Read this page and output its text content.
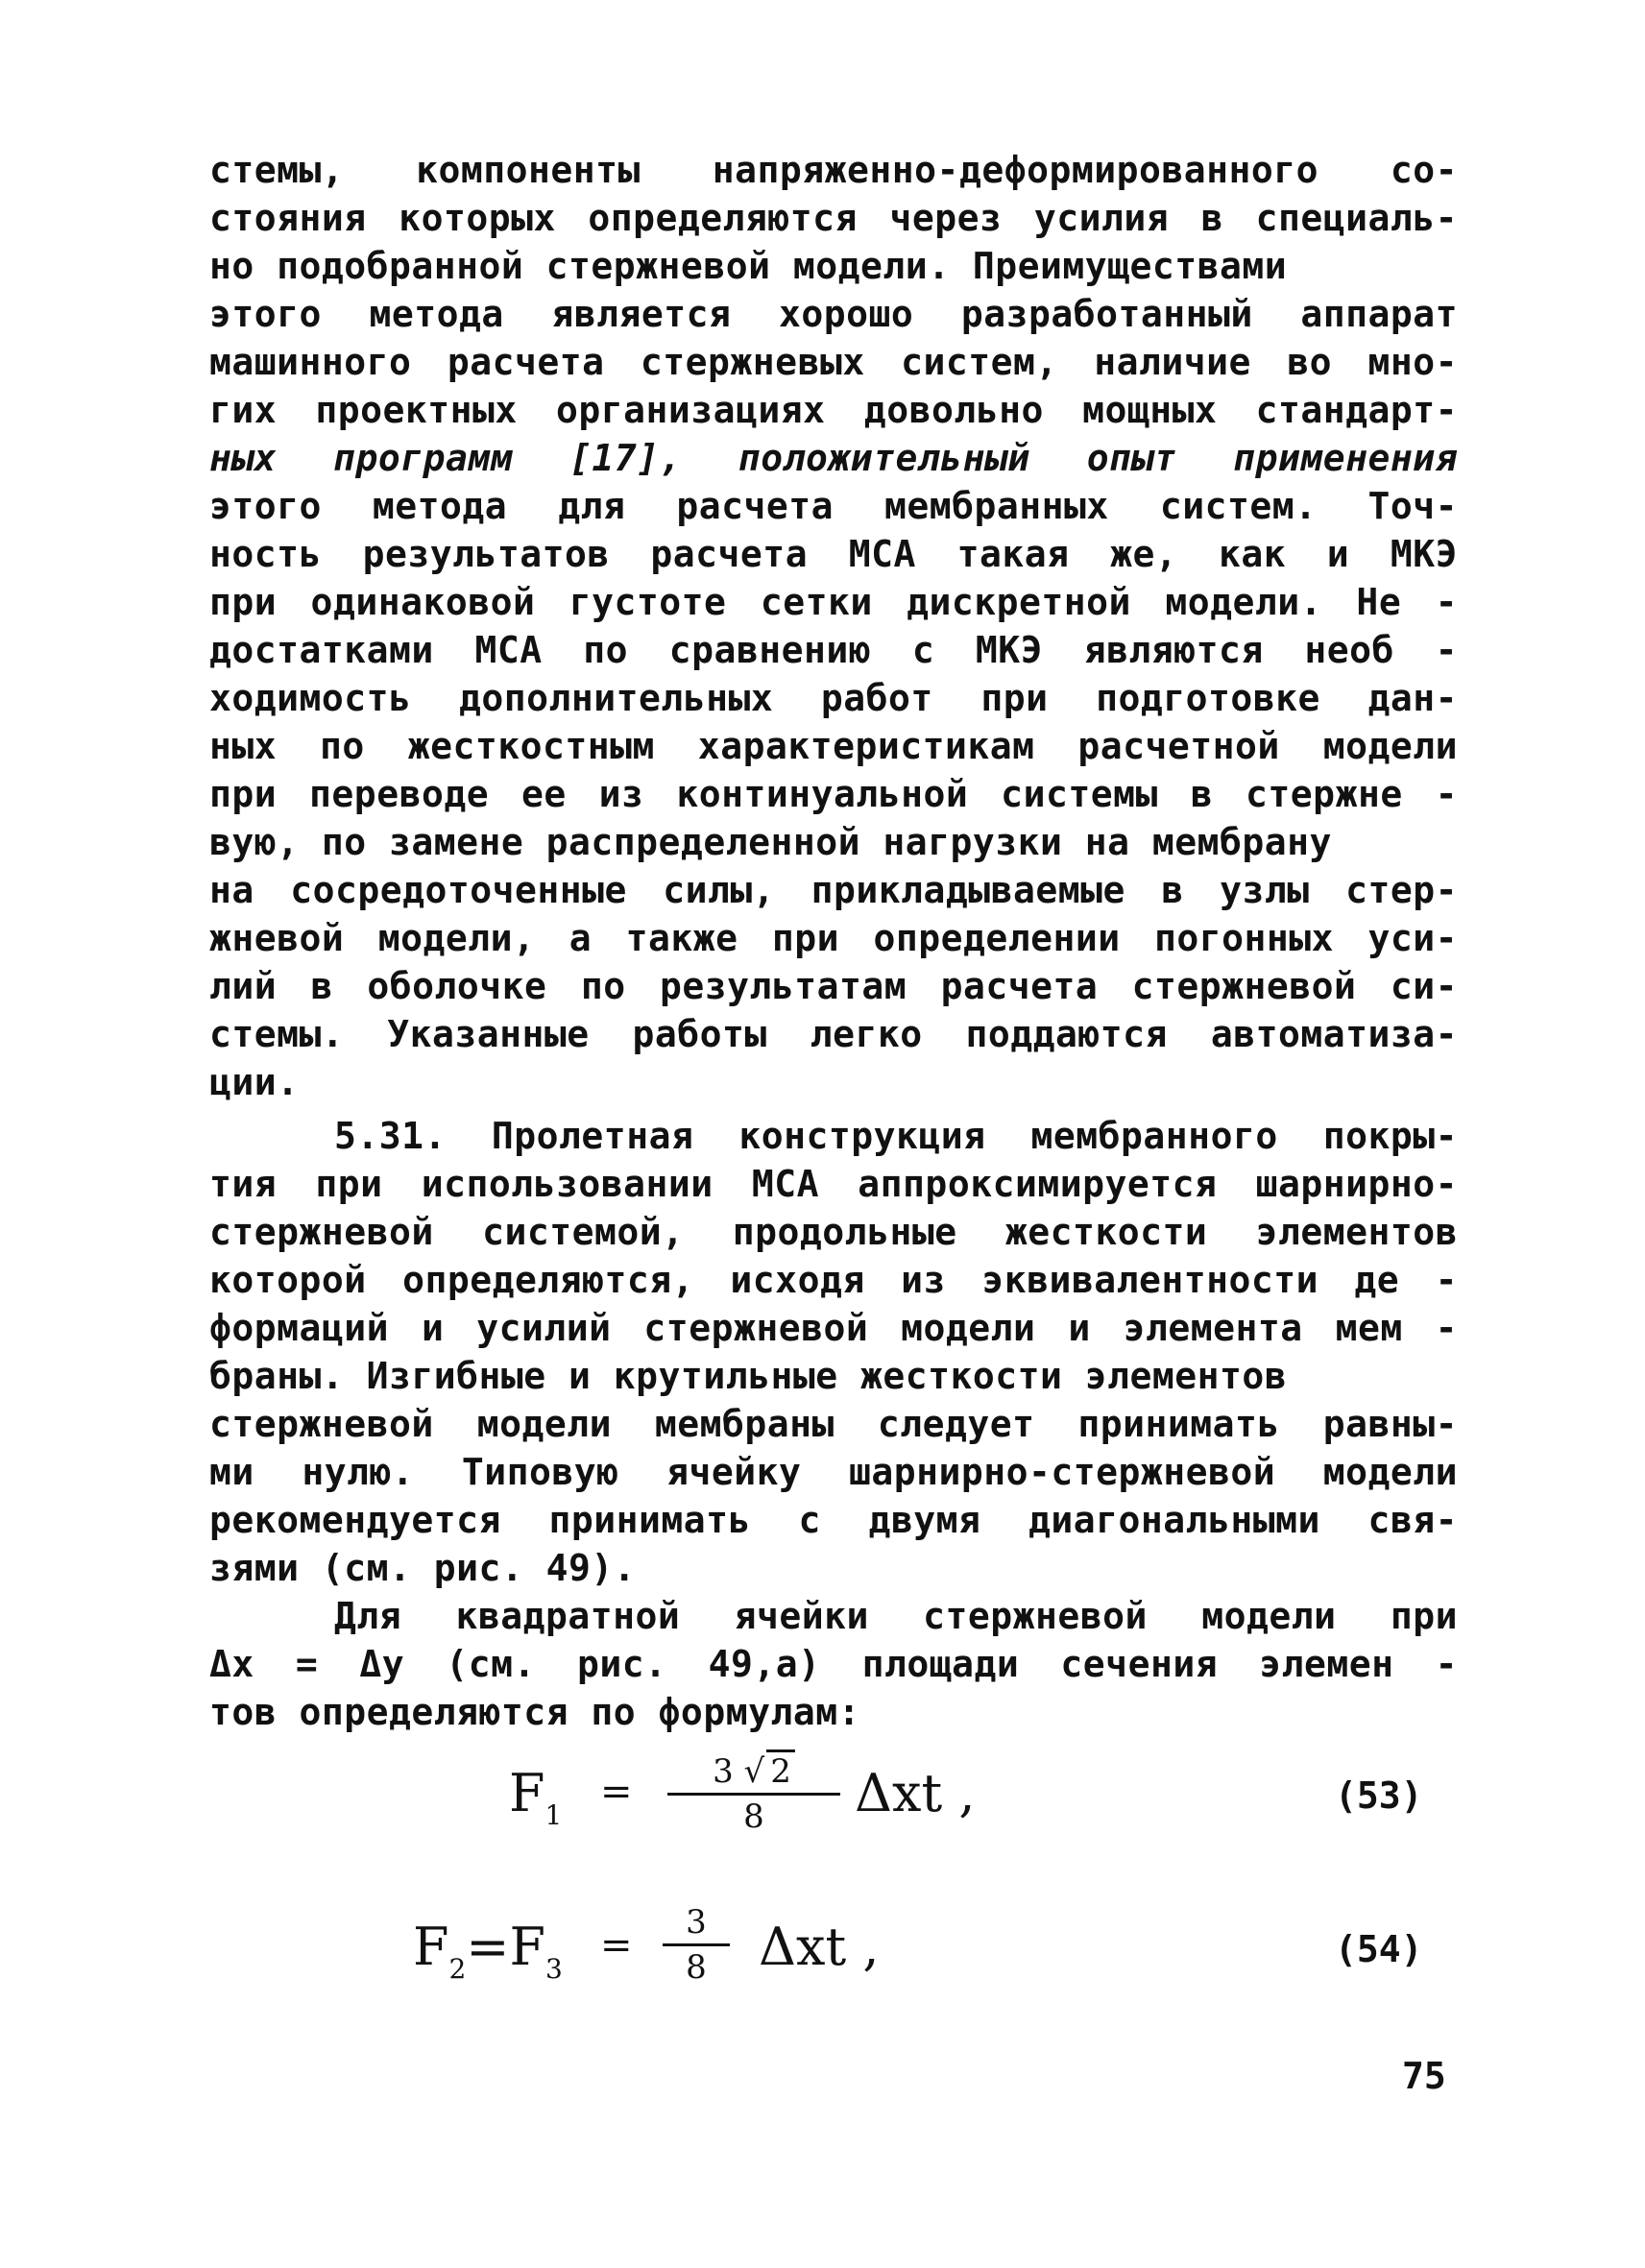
стемы, компоненты напряженно-деформированного со-
стояния которых определяются через усилия в специаль-
но подобранной стержневой модели. Преимуществами
этого метода является хорошо разработанный аппарат
машинного расчета стержневых систем, наличие во мно-
гих проектных организациях довольно мощных стандарт-
ных программ [17], положительный опыт применения
этого метода для расчета мембранных систем. Точ-
ность результатов расчета МСА такая же, как и МКЭ
при одинаковой густоте сетки дискретной модели. Не -
достатками МСА по сравнению с МКЭ являются необ -
ходимость дополнительных работ при подготовке дан-
ных по жесткостным характеристикам расчетной модели
при переводе ее из континуальной системы в стержне -
вую, по замене распределенной нагрузки на мембрану
на сосредоточенные силы, прикладываемые в узлы стер-
жневой модели, а также при определении погонных уси-
лий в оболочке по результатам расчета стержневой си-
стемы. Указанные работы легко поддаются автоматиза-
ции.
5.31. Пролетная конструкция мембранного покры-
тия при использовании МСА аппроксимируется шарнирно-
стержневой системой, продольные жесткости элементов
которой определяются, исходя из эквивалентности де -
формаций и усилий стержневой модели и элемента мем -
браны. Изгибные и крутильные жесткости элементов
стержневой модели мембраны следует принимать равны-
ми нулю. Типовую ячейку шарнирно-стержневой модели
рекомендуется принимать с двумя диагональными свя-
зями (см. рис. 49).
Для квадратной ячейки стержневой модели при
Δx = Δy (см. рис. 49,а) площади сечения элемен -
тов определяются по формулам:
$F_1$
=	3 √ 2
8	Δxt ,	(53)
$F_2=F_3$
=
3
8	Δxt ,	(54)
75
